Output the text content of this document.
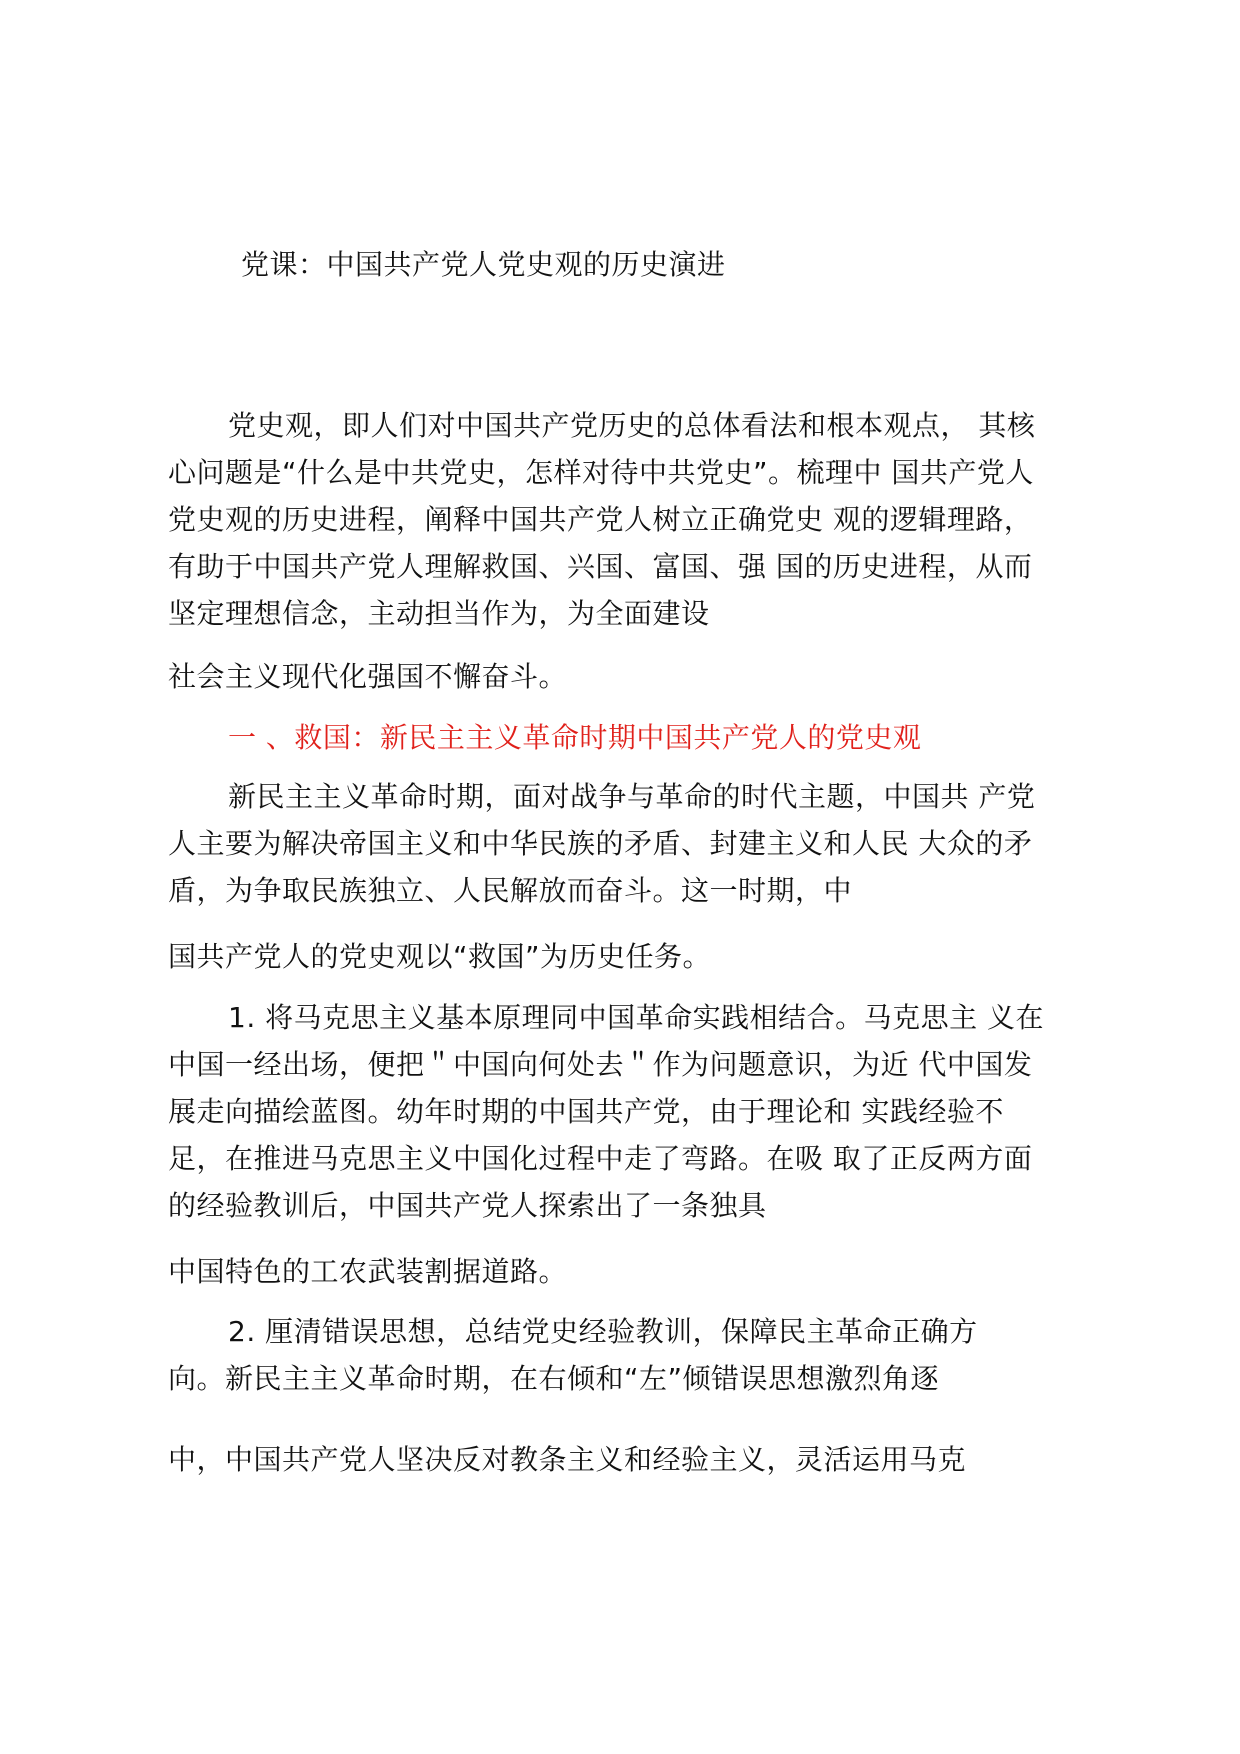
党课：中国共产党人党史观的历史演进
党史观，即人们对中国共产党历史的总体看法和根本观点， 其核
心问题是“什么是中共党史，怎样对待中共党史”。梳理中 国共产党人
党史观的历史进程，阐释中国共产党人树立正确党史 观的逻辑理路，
有助于中国共产党人理解救国、兴国、富国、强 国的历史进程，从而
坚定理想信念，主动担当作为，为全面建设
社会主义现代化强国不懈奋斗。
一 、救国：新民主主义革命时期中国共产党人的党史观
新民主主义革命时期，面对战争与革命的时代主题，中国共 产党
人主要为解决帝国主义和中华民族的矛盾、封建主义和人民 大众的矛
盾，为争取民族独立、人民解放而奋斗。这一时期，中
国共产党人的党史观以“救国”为历史任务。
1. 将马克思主义基本原理同中国革命实践相结合。马克思主 义在
中国一经出场，便把＂中国向何处去＂作为问题意识，为近 代中国发
展走向描绘蓝图。幼年时期的中国共产党，由于理论和 实践经验不
足，在推进马克思主义中国化过程中走了弯路。在吸 取了正反两方面
的经验教训后，中国共产党人探索出了一条独具
中国特色的工农武装割据道路。
2. 厘清错误思想，总结党史经验教训，保障民主革命正确方
向。新民主主义革命时期，在右倾和“左”倾错误思想激烈角逐
中，中国共产党人坚决反对教条主义和经验主义，灵活运用马克
